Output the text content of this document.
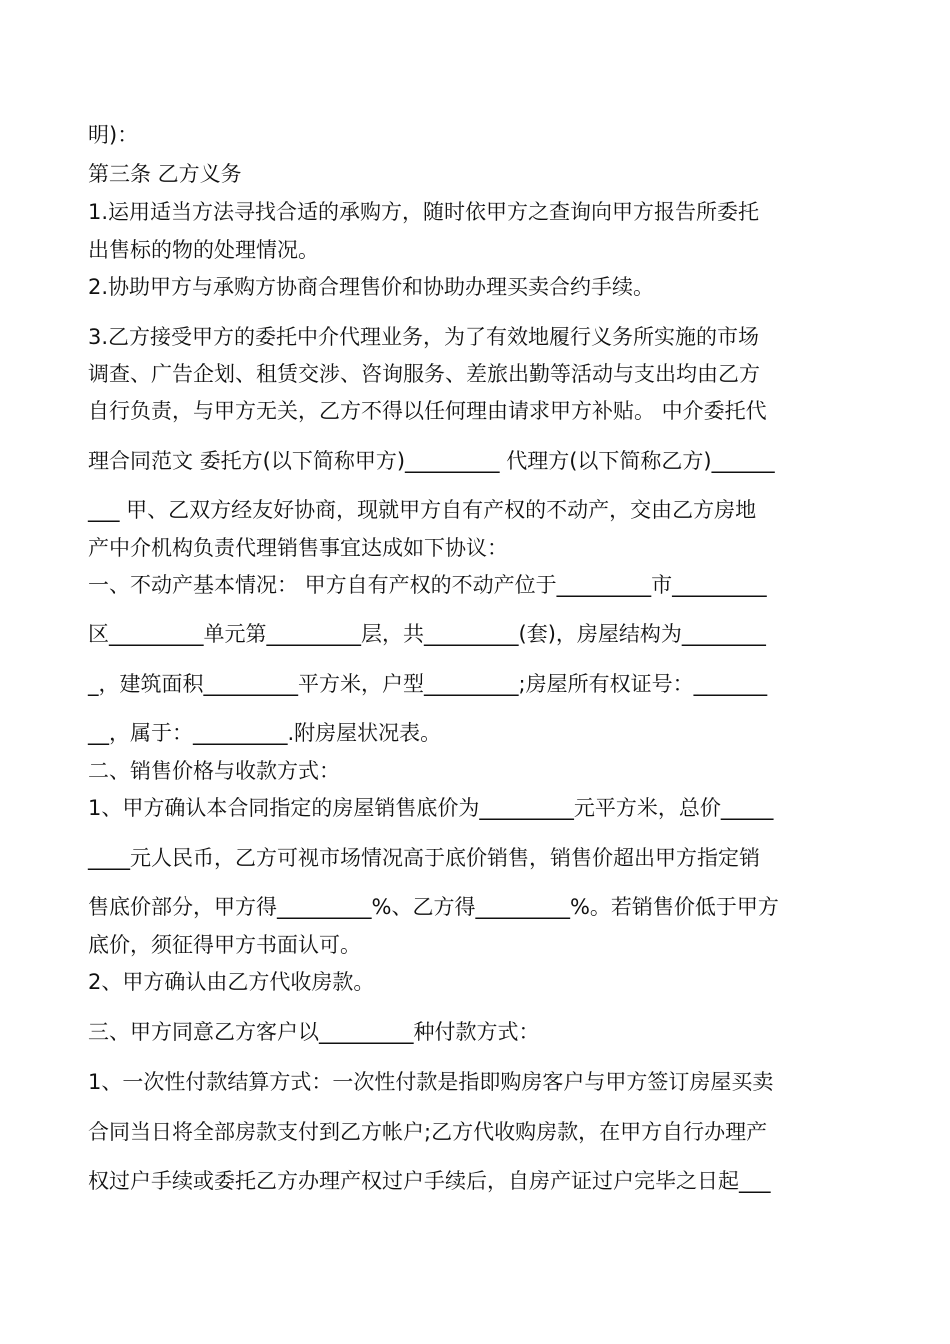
明)：

第三条 乙方义务

1.运用适当方法寻找合适的承购方，随时依甲方之查询向甲方报告所委托

出售标的物的处理情况。

2.协助甲方与承购方协商合理售价和协助办理买卖合约手续。

3.乙方接受甲方的委托中介代理业务，为了有效地履行义务所实施的市场

调查、广告企划、租赁交涉、咨询服务、差旅出勤等活动与支出均由乙方

自行负责，与甲方无关，乙方不得以任何理由请求甲方补贴。 中介委托代

理合同范文 委托方(以下简称甲方)_________ 代理方(以下简称乙方)______

___ 甲、乙双方经友好协商，现就甲方自有产权的不动产，交由乙方房地

产中介机构负责代理销售事宜达成如下协议：

一、不动产基本情况： 甲方自有产权的不动产位于_________市_________

区_________单元第_________层，共_________(套)，房屋结构为________

_，建筑面积_________平方米，户型_________;房屋所有权证号：_______

__，属于：_________.附房屋状况表。

二、销售价格与收款方式：

1、甲方确认本合同指定的房屋销售底价为_________元平方米，总价_____

____元人民币，乙方可视市场情况高于底价销售，销售价超出甲方指定销

售底价部分，甲方得_________%、乙方得_________%。若销售价低于甲方

底价，须征得甲方书面认可。

2、甲方确认由乙方代收房款。

三、甲方同意乙方客户以_________种付款方式：

1、一次性付款结算方式：一次性付款是指即购房客户与甲方签订房屋买卖

合同当日将全部房款支付到乙方帐户;乙方代收购房款，在甲方自行办理产

权过户手续或委托乙方办理产权过户手续后，自房产证过户完毕之日起___
